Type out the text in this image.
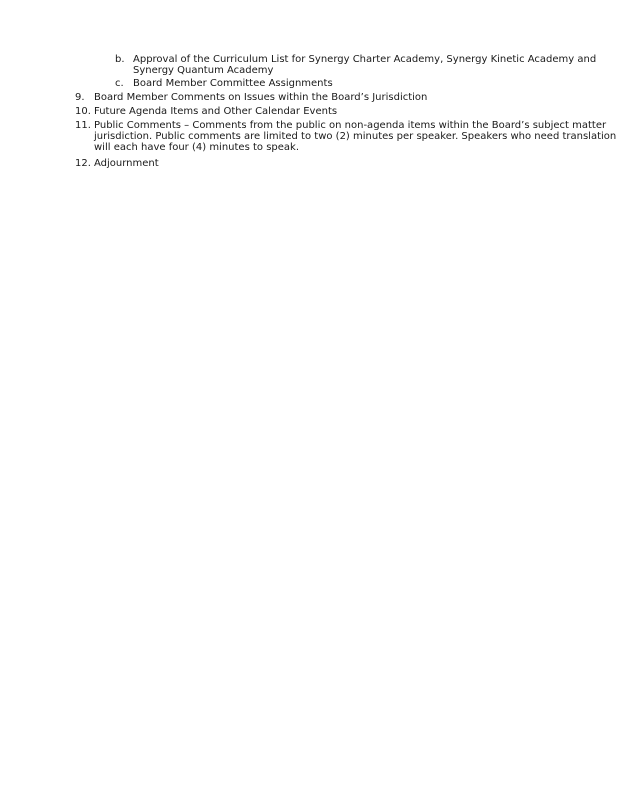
b. Approval of the Curriculum List for Synergy Charter Academy, Synergy Kinetic Academy and
Synergy Quantum Academy
c. Board Member Committee Assignments
9. Board Member Comments on Issues within the Board’s Jurisdiction
10. Future Agenda Items and Other Calendar Events
11. Public Comments – Comments from the public on non-agenda items within the Board’s subject matter
jurisdiction. Public comments are limited to two (2) minutes per speaker. Speakers who need translation
will each have four (4) minutes to speak.
12. Adjournment
